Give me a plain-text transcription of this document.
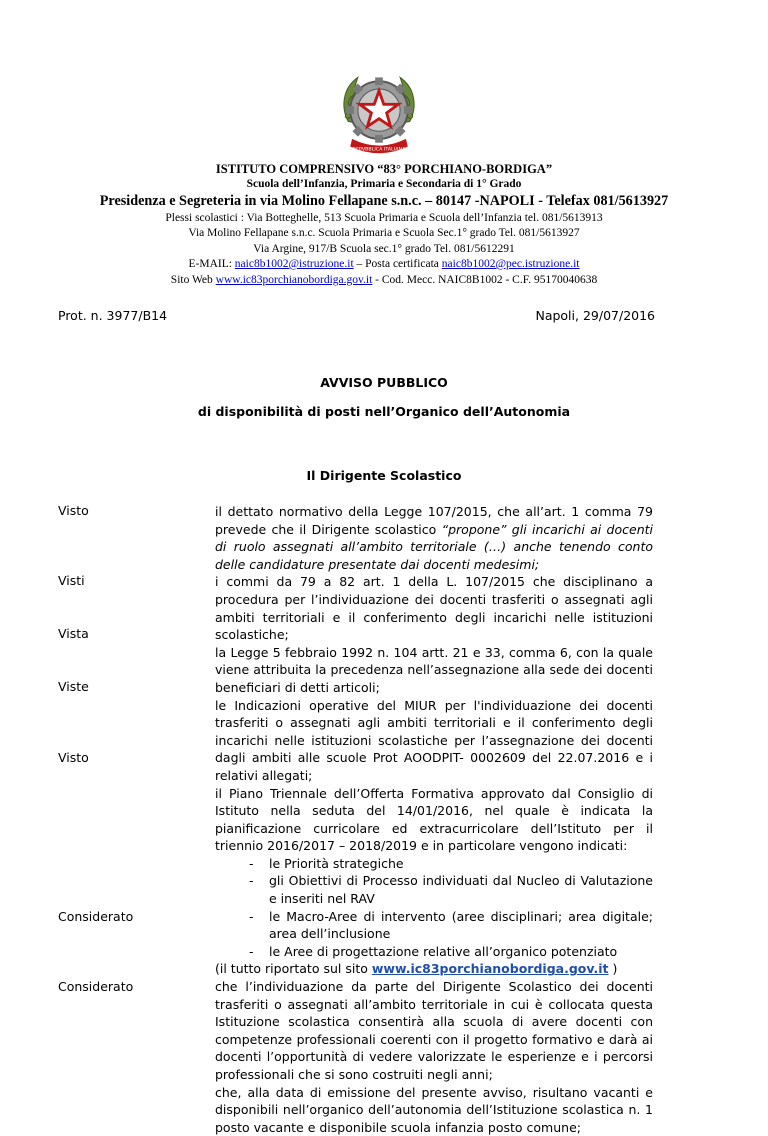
REPVBBLICA ITALIANA
ISTITUTO COMPRENSIVO “83° PORCHIANO-BORDIGA”
Scuola dell’Infanzia, Primaria e Secondaria di 1° Grado
Presidenza e Segreteria in via Molino Fellapane s.n.c. – 80147 -NAPOLI - Telefax 081/5613927
Plessi scolastici : Via Botteghelle, 513 Scuola Primaria e Scuola dell’Infanzia tel. 081/5613913
Via Molino Fellapane s.n.c. Scuola Primaria e Scuola Sec.1° grado Tel. 081/5613927
Via Argine, 917/B Scuola sec.1° grado Tel. 081/5612291
E-MAIL: naic8b1002@istruzione.it – Posta certificata naic8b1002@pec.istruzione.it
Sito Web www.ic83porchianobordiga.gov.it - Cod. Mecc. NAIC8B1002 - C.F. 95170040638
Prot. n. 3977/B14	Napoli, 29/07/2016
AVVISO PUBBLICO
di disponibilità di posti nell’Organico dell’Autonomia
Il Dirigente Scolastico
Visto
Visti
Vista
Viste
Visto
Considerato
Considerato

il dettato normativo della Legge 107/2015, che all’art. 1 comma 79 prevede che il Dirigente scolastico “propone” gli incarichi ai docenti di ruolo assegnati all’ambito territoriale (…) anche tenendo conto delle candidature presentate dai docenti medesimi;

i commi da 79 a 82 art. 1 della L. 107/2015 che disciplinano a procedura per l’individuazione dei docenti trasferiti o assegnati agli ambiti territoriali e il conferimento degli incarichi nelle istituzioni scolastiche;

la Legge 5 febbraio 1992 n. 104 artt. 21 e 33, comma 6, con la quale viene attribuita la precedenza nell’assegnazione alla sede dei docenti beneficiari di detti articoli;

le Indicazioni operative del MIUR per l'individuazione dei docenti trasferiti o assegnati agli ambiti territoriali e il conferimento degli incarichi nelle istituzioni scolastiche per l’assegnazione dei docenti dagli ambiti alle scuole Prot AOODPIT- 0002609 del 22.07.2016 e i relativi allegati;

il Piano Triennale dell’Offerta Formativa approvato dal Consiglio di Istituto nella seduta del 14/01/2016, nel quale è indicata la pianificazione curricolare ed extracurricolare dell’Istituto per il triennio 2016/2017 – 2018/2019 e in particolare vengono indicati:

- le Priorità strategiche
- gli Obiettivi di Processo individuati dal Nucleo di Valutazione e inseriti nel RAV
- le Macro-Aree di intervento (aree disciplinari; area digitale; area dell’inclusione
- le Aree di progettazione relative all’organico potenziato

(il tutto riportato sul sito www.ic83porchianobordiga.gov.it )

che l’individuazione da parte del Dirigente Scolastico dei docenti trasferiti o assegnati all’ambito territoriale in cui è collocata questa Istituzione scolastica consentirà alla scuola di avere docenti con competenze professionali coerenti con il progetto formativo e darà ai docenti l’opportunità di vedere valorizzate le esperienze e i percorsi professionali che si sono costruiti negli anni;

che, alla data di emissione del presente avviso, risultano vacanti e disponibili nell’organico dell’autonomia dell’Istituzione scolastica n. 1 posto vacante e disponibile scuola infanzia posto comune;
